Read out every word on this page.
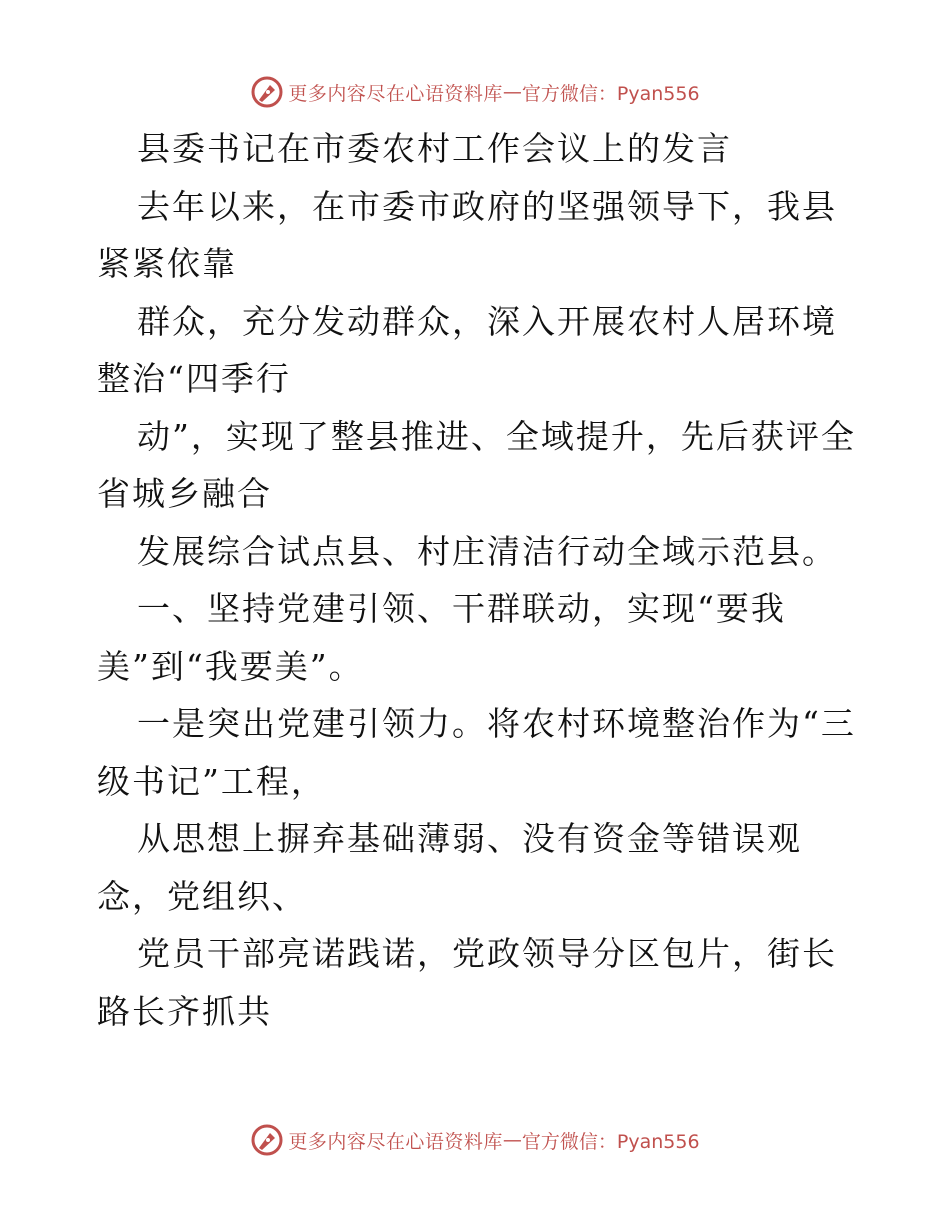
更多内容尽在心语资料库 — 官方微信：Pyan556

县委书记在市委农村工作会议上的发言

去年以来，在市委市政府的坚强领导下，我县紧紧依靠

群众，充分发动群众，深入开展农村人居环境整治“四季行

动”，实现了整县推进、全域提升，先后获评全省城乡融合

发展综合试点县、村庄清洁行动全域示范县。

一、坚持党建引领、干群联动，实现“要我美”到“我要美”。

一是突出党建引领力。将农村环境整治作为“三级书记”工程，

从思想上摒弃基础薄弱、没有资金等错误观念，党组织、

党员干部亮诺践诺，党政领导分区包片，街长路长齐抓共

更多内容尽在心语资料库 — 官方微信：Pyan556
